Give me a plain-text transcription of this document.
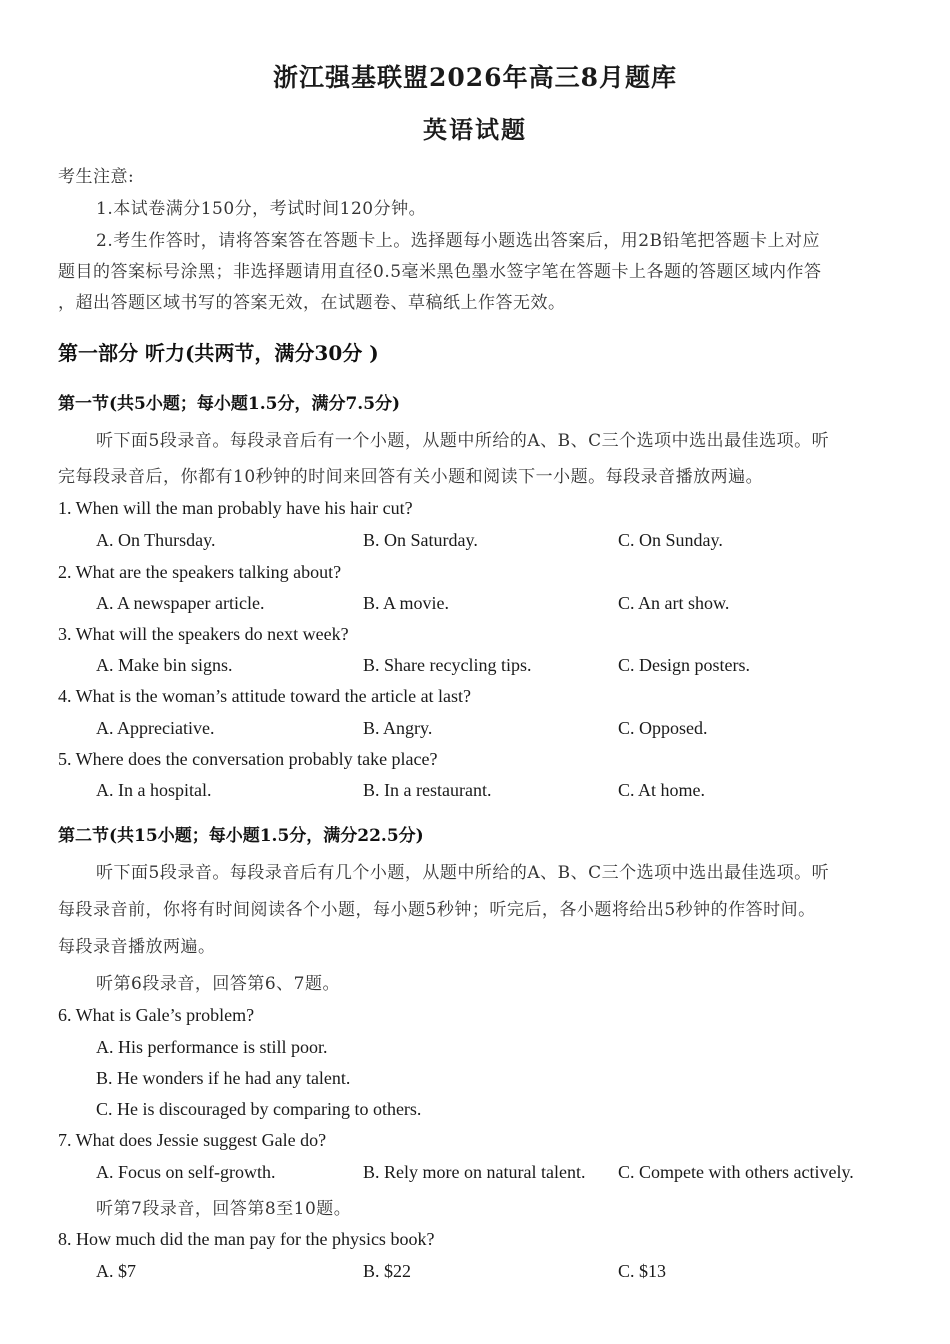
浙江强基联盟2026年高三8月题库
英语试题
考生注意:
1.本试卷满分150分，考试时间120分钟。
2.考生作答时，请将答案答在答题卡上。选择题每小题选出答案后，用2B铅笔把答题卡上对应
题目的答案标号涂黑；非选择题请用直径0.5毫米黑色墨水签字笔在答题卡上各题的答题区域内作答
，超出答题区域书写的答案无效，在试题卷、草稿纸上作答无效。
第一部分 听力(共两节，满分30分 )
第一节(共5小题；每小题1.5分，满分7.5分)
听下面5段录音。每段录音后有一个小题，从题中所给的A、B、C三个选项中选出最佳选项。听
完每段录音后，你都有10秒钟的时间来回答有关小题和阅读下一小题。每段录音播放两遍。
1. When will the man probably have his hair cut?
A. On Thursday.	B. On Saturday.	C. On Sunday.
2. What are the speakers talking about?
A. A newspaper article.	B. A movie.	C. An art show.
3. What will the speakers do next week?
A. Make bin signs.	B. Share recycling tips.	C. Design posters.
4. What is the woman’s attitude toward the article at last?
A. Appreciative.	B. Angry.	C. Opposed.
5. Where does the conversation probably take place?
A. In a hospital.	B. In a restaurant.	C. At home.
第二节(共15小题；每小题1.5分，满分22.5分)
听下面5段录音。每段录音后有几个小题，从题中所给的A、B、C三个选项中选出最佳选项。听
每段录音前，你将有时间阅读各个小题，每小题5秒钟；听完后，各小题将给出5秒钟的作答时间。
每段录音播放两遍。
听第6段录音，回答第6、7题。
6. What is Gale’s problem?
A. His performance is still poor.
B. He wonders if he had any talent.
C. He is discouraged by comparing to others.
7. What does Jessie suggest Gale do?
A. Focus on self-growth.	B. Rely more on natural talent. C. Compete with others actively.
听第7段录音，回答第8至10题。
8. How much did the man pay for the physics book?
A. $7	B. $22	C. $13
